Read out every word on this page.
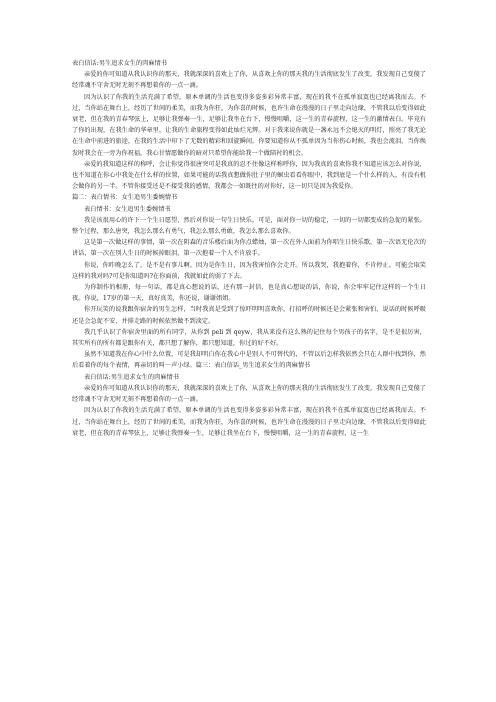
表白信话:男生追求女生的肉麻情书

亲爱的你可知道从我认识你的那天，我就深深的喜欢上了你，从喜欢上你的那天我的生活彻底发生了改变，我发现自己变傻了经常魂不守舍无时无刻不再想着你的一点一滴。

因为认识了你我的生活充满了希望，原本单调的生活也变得多姿多彩异常丰富，现在的我不在孤单寂寞也已经离我而去。不过，当你站在舞台上，经历了世间的柔美，而我为你狂，为你喜的时候，也许生命在漫漫的日子里走向边缘，不管我以后变得如此衰老，但在我的青春琴弦上，足够让我弹奏一生，足够让我坐在台下，慢慢咀嚼，这一生的青春旋程，这一生的激情表白。毕竟有了你的出现，在我生命的华章里，让我的生命旅程变得如此灿烂光辉。对于我来说你就是一盏永远不会熄灭的明灯，照亮了我无论在生命中前进的旅途，在我的生活中印下了无数的精彩和回旋瞬间。你要知道你从不孤单因为当你伤心时候，我也会流泪，当你焕发时我会在一旁为你祝福，我心甘情愿做你的暗对只希望你能给我一个做陪衬的机会。

亲爱的我知道这样的称呼，会让你觉得很唐突可是我真的忍不住像这样称呼你，因为我真的喜欢你我不知道应该怎么对你说，也不知道在你心中我处在什么样的位置，如果可能的话我真想做你肚子里的蛔虫看看你眼中，我到底是一个什么样的人，有没有机会做你的另一半。不管你接受还是不接受我的感情，我都会一如既往的对你好，这一切只是因为我爱你。

篇二：表白情书：女生追男生委婉情书

表白情书：女生追男生委婉情书

我是该很用心的许下一个生日愿望，然后对你说一句生日快乐。可是，面对你一切的稳定，一切的一切都变成的急促的紧张。整个过程，那么唐突，我怎么那么有勇气，我怎么那么勇敢，我怎么那么喜欢你。

这是第一次做这样的事情，第一次在阴森的音乐楼后面为你点蜡烛，第一次在外人面前为你唱生日快乐歌，第一次语无伦次的讲话，第一次在别人生日的时候掉眼泪，第一次抱着一个人不肯放手。

你说，你昨晚怎么了，是不是有事儿啊。因为是你生日，因为我害怕你会走开。所以我哭，我抱着你，不肯停止。可能会取笑这样的我对吗?可是你知道吗?在你面前，我就如此的弱了下去。

为你制作的相册，每一句话，都是真心想说的话，还有那一封信，也是真心想说的话，你说，你会牢牢记住这样的一个生日夜。你说，17岁的第一天，真好真美，你还说，谢谢姐姐。

你开玩笑的说我跟你宿舍的男生怎样，当时我真是受到了惊吓明明喜欢你，打招呼的时候还是会紧张和害怕，说话的时候呼吸还是会急促不安，并排走路的时候依然做不到淡定。

我几乎认识了你宿舍里面的所有同学，从你到 peli 到 qeyw，我从来没有这么熟的记住每个男孩子的名字，是不是很厉害，其实所有的所有都是跟你有关，都只想了解你，都只想知道，你过的好不好。

虽然不知道我在你心中什么位置，可是我却明白你在我心中是别人不可替代的，不管以后怎样我依然会只在人群中找到你，然后看着你的每个表情，再亲切的叫一声小绿。篇三：表白信话_男生追求女生的肉麻情书

表白信话:男生追求女生的肉麻情书

亲爱的你可知道从我认识你的那天，我就深深的喜欢上了你，从喜欢上你的那天我的生活彻底发生了改变，我发现自己变傻了经常魂不守舍无时无刻不再想着你的一点一滴。

因为认识了你我的生活充满了希望，原本单调的生活也变得多姿多彩异常丰富，现在的我不在孤单寂寞也已经离我而去。不过，当你站在舞台上，经历了世间的柔美，而我为你狂，为你喜的时候，也许生命在漫漫的日子里走向边缘，不管我以后变得如此衰老，但在我的青春琴弦上，足够让我弹奏一生，足够让我坐在台下，慢慢咀嚼，这一生的青春旋程，这一生
